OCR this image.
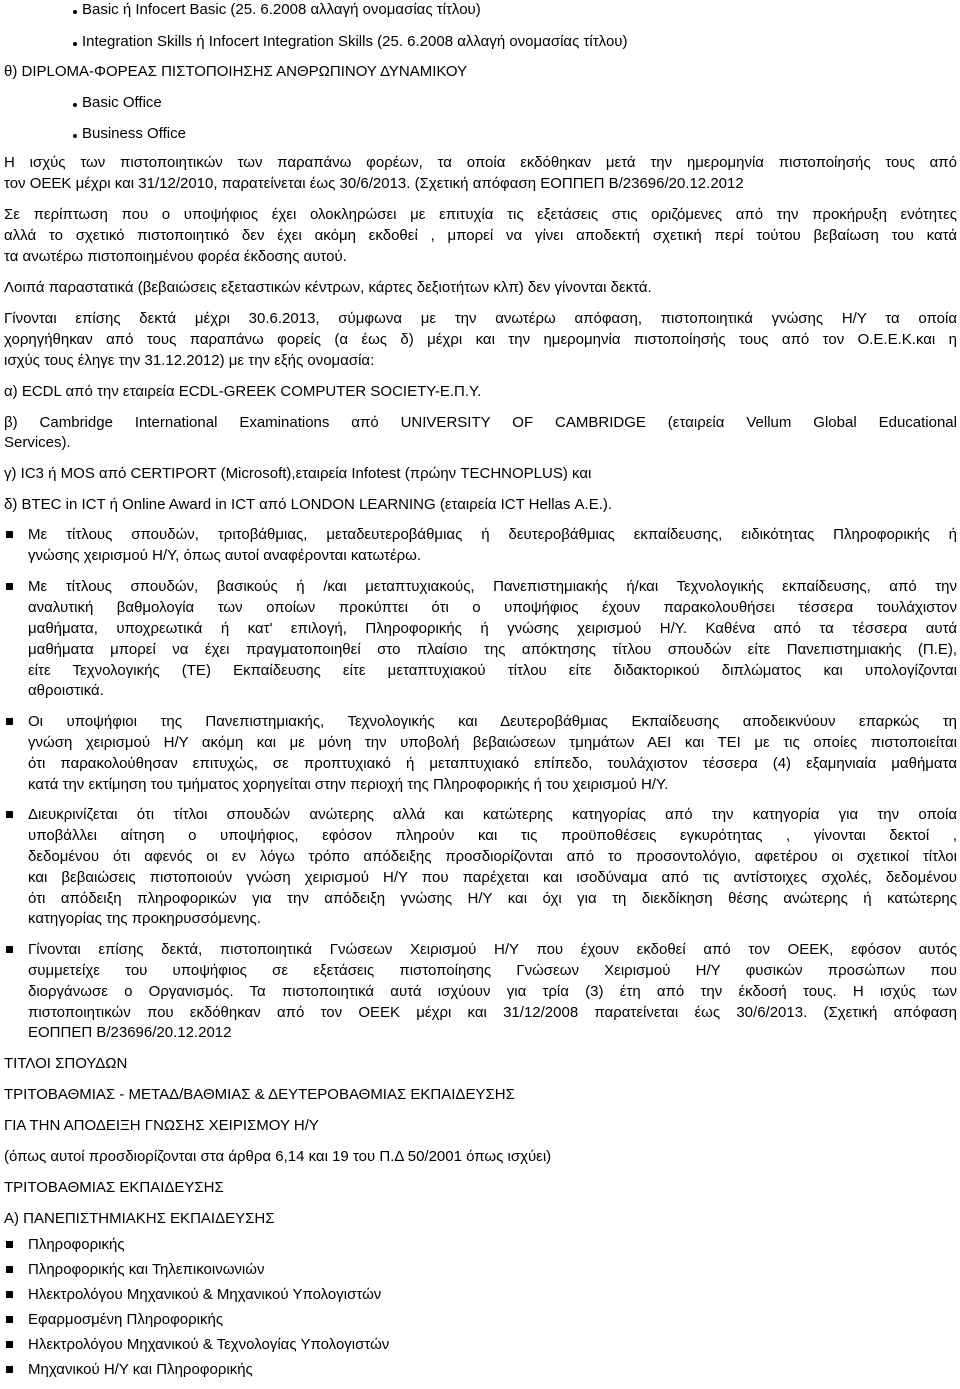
Basic ή Infocert Basic (25. 6.2008 αλλαγή ονομασίας τίτλου)
Integration Skills ή Infocert Integration Skills (25. 6.2008 αλλαγή ονομασίας τίτλου)
θ) DIPLOMA-ΦΟΡΕΑΣ ΠΙΣΤΟΠΟΙΗΣΗΣ ΑΝΘΡΩΠΙΝΟΥ ΔΥΝΑΜΙΚΟΥ
Basic Office
Business Office
Η ισχύς των πιστοποιητικών των παραπάνω φορέων, τα οποία εκδόθηκαν μετά την ημερομηνία πιστοποίησής τους από
τον ΟΕΕΚ μέχρι και 31/12/2010, παρατείνεται έως 30/6/2013. (Σχετική απόφαση ΕΟΠΠΕΠ Β/23696/20.12.2012
Σε περίπτωση που ο υποψήφιος έχει ολοκληρώσει με επιτυχία τις εξετάσεις στις οριζόμενες από την προκήρυξη ενότητες
αλλά το σχετικό πιστοποιητικό δεν έχει ακόμη εκδοθεί , μπορεί να γίνει αποδεκτή σχετική περί τούτου βεβαίωση του κατά
τα ανωτέρω πιστοποιημένου φορέα έκδοσης αυτού.
Λοιπά παραστατικά (βεβαιώσεις εξεταστικών κέντρων, κάρτες δεξιοτήτων κλπ) δεν γίνονται δεκτά.
Γίνονται επίσης δεκτά μέχρι 30.6.2013, σύμφωνα με την ανωτέρω απόφαση, πιστοποιητικά γνώσης Η/Υ τα οποία
χορηγήθηκαν από τους παραπάνω φορείς (α έως δ) μέχρι και την ημερομηνία πιστοποίησής τους από τον Ο.Ε.Ε.Κ.και η
ισχύς τους έληγε την 31.12.2012) με την εξής ονομασία:
α) ECDL από την εταιρεία ECDL-GREEK COMPUTER SOCIETY-Ε.Π.Υ.
β) Cambridge International Examinations από UNIVERSITY OF CAMBRIDGE (εταιρεία Vellum Global Educational
Services).
γ) IC3 ή MOS από CERTIPORT (Microsoft),εταιρεία Infotest (πρώην TECHNOPLUS) και
δ) BTEC in ICT ή Online Award in ICT από LONDON LEARNING (εταιρεία ICT Hellas Α.Ε.).
Με τίτλους σπουδών, τριτοβάθμιας, μεταδευτεροβάθμιας ή δευτεροβάθμιας εκπαίδευσης, ειδικότητας Πληροφορικής ή
γνώσης χειρισμού Η/Υ, όπως αυτοί αναφέρονται κατωτέρω.
Με τίτλους σπουδών, βασικούς ή /και μεταπτυχιακούς, Πανεπιστημιακής ή/και Τεχνολογικής εκπαίδευσης, από την
αναλυτική βαθμολογία των οποίων προκύπτει ότι ο υποψήφιος έχουν παρακολουθήσει τέσσερα τουλάχιστον
μαθήματα, υποχρεωτικά ή κατ' επιλογή, Πληροφορικής ή γνώσης χειρισμού Η/Υ. Καθένα από τα τέσσερα αυτά
μαθήματα μπορεί να έχει πραγματοποιηθεί στο πλαίσιο της απόκτησης τίτλου σπουδών είτε Πανεπιστημιακής (Π.Ε),
είτε Τεχνολογικής (ΤΕ) Εκπαίδευσης είτε μεταπτυχιακού τίτλου είτε διδακτορικού διπλώματος και υπολογίζονται
αθροιστικά.
Οι υποψήφιοι της Πανεπιστημιακής, Τεχνολογικής και Δευτεροβάθμιας Εκπαίδευσης αποδεικνύουν επαρκώς τη
γνώση χειρισμού Η/Υ ακόμη και με μόνη την υποβολή βεβαιώσεων τμημάτων ΑΕΙ και ΤΕΙ με τις οποίες πιστοποιείται
ότι παρακολούθησαν επιτυχώς, σε προπτυχιακό ή μεταπτυχιακό επίπεδο, τουλάχιστον τέσσερα (4) εξαμηνιαία μαθήματα
κατά την εκτίμηση του τμήματος χορηγείται στην περιοχή της Πληροφορικής ή του χειρισμού Η/Υ.
Διευκρινίζεται ότι τίτλοι σπουδών ανώτερης αλλά και κατώτερης κατηγορίας από την κατηγορία για την οποία
υποβάλλει αίτηση ο υποψήφιος, εφόσον πληρούν και τις προϋποθέσεις εγκυρότητας , γίνονται δεκτοί ,
δεδομένου ότι αφενός οι εν λόγω τρόπο απόδειξης προσδιορίζονται από το προσοντολόγιο, αφετέρου οι σχετικοί τίτλοι
και βεβαιώσεις πιστοποιούν γνώση χειρισμού Η/Υ που παρέχεται και ισοδύναμα από τις αντίστοιχες σχολές, δεδομένου
ότι απόδειξη πληροφορικών για την απόδειξη γνώσης Η/Υ και όχι για τη διεκδίκηση θέσης ανώτερης ή κατώτερης
κατηγορίας της προκηρυσσόμενης.
Γίνονται επίσης δεκτά, πιστοποιητικά Γνώσεων Χειρισμού Η/Υ που έχουν εκδοθεί από τον ΟΕΕΚ, εφόσον αυτός
συμμετείχε του υποψήφιος σε εξετάσεις πιστοποίησης Γνώσεων Χειρισμού Η/Υ φυσικών προσώπων που
διοργάνωσε ο Οργανισμός. Τα πιστοποιητικά αυτά ισχύουν για τρία (3) έτη από την έκδοσή τους. Η ισχύς των
πιστοποιητικών που εκδόθηκαν από τον ΟΕΕΚ μέχρι και 31/12/2008 παρατείνεται έως 30/6/2013. (Σχετική απόφαση
ΕΟΠΠΕΠ Β/23696/20.12.2012
ΤΙΤΛΟΙ ΣΠΟΥΔΩΝ
ΤΡΙΤΟΒΑΘΜΙΑΣ - ΜΕΤΑΔ/ΒΑΘΜΙΑΣ & ΔΕΥΤΕΡΟΒΑΘΜΙΑΣ ΕΚΠΑΙΔΕΥΣΗΣ
ΓΙΑ ΤΗΝ ΑΠΟΔΕΙΞΗ ΓΝΩΣΗΣ ΧΕΙΡΙΣΜΟΥ Η/Υ
(όπως αυτοί προσδιορίζονται στα άρθρα 6,14 και 19 του Π.Δ 50/2001 όπως ισχύει)
ΤΡΙΤΟΒΑΘΜΙΑΣ ΕΚΠΑΙΔΕΥΣΗΣ
Α) ΠΑΝΕΠΙΣΤΗΜΙΑΚΗΣ ΕΚΠΑΙΔΕΥΣΗΣ
Πληροφορικής
Πληροφορικής και Τηλεπικοινωνιών
Ηλεκτρολόγου Μηχανικού & Μηχανικού Υπολογιστών
Εφαρμοσμένη Πληροφορικής
Ηλεκτρολόγου Μηχανικού & Τεχνολογίας Υπολογιστών
Μηχανικού Η/Υ και Πληροφορικής
